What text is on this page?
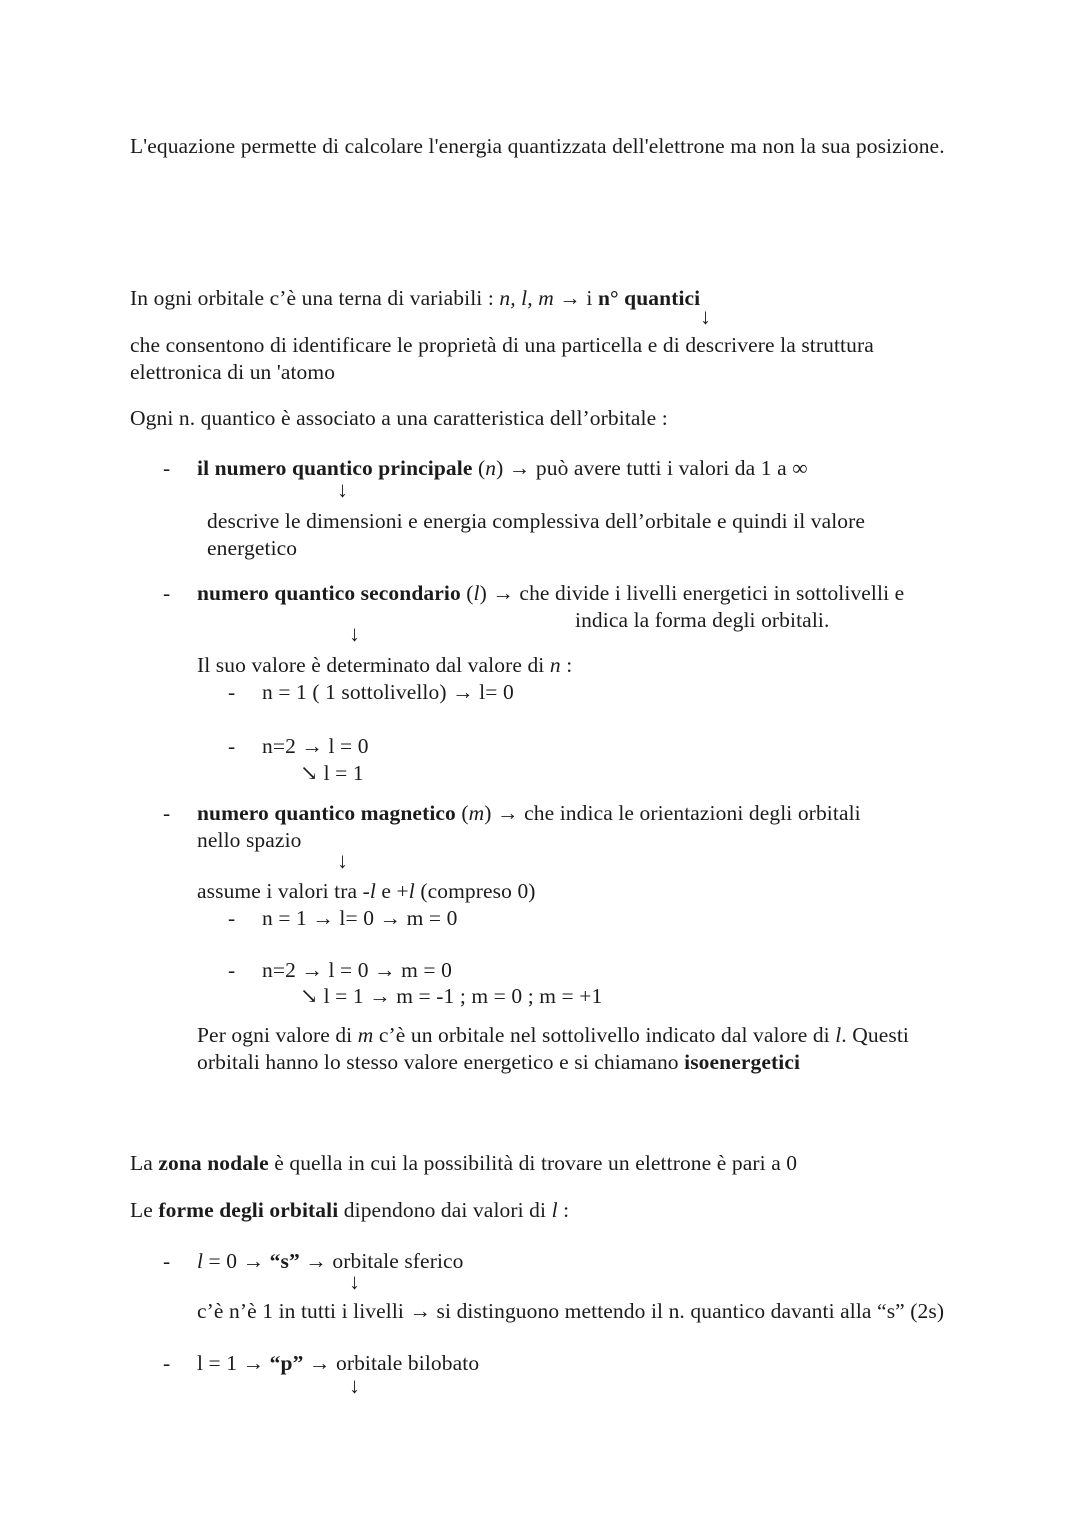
L'equazione permette di calcolare l'energia quantizzata dell'elettrone ma non la sua posizione.
In ogni orbitale c’è una terna di variabili : n, l, m → i n° quantici
↓
che consentono di identificare le proprietà di una particella e di descrivere la struttura elettronica di un 'atomo
Ogni n. quantico è associato a una caratteristica dell’orbitale :
-	il numero quantico principale (n) → può avere tutti i valori da 1 a ∞
↓
descrive le dimensioni e energia complessiva dell’orbitale e quindi il valore energetico
-	numero quantico secondario (l) → che divide i livelli energetici in sottolivelli e
indica la forma degli orbitali.
↓
Il suo valore è determinato dal valore di n :
-	n = 1 ( 1 sottolivello) → l= 0
-	n=2 → l = 0
↘ l = 1
-	numero quantico magnetico (m) → che indica le orientazioni degli orbitali
nello spazio
↓
assume i valori tra -l e +l (compreso 0)
-	n = 1 → l= 0 → m = 0
-	n=2 → l = 0 → m = 0
↘ l = 1 → m = -1 ; m = 0 ; m = +1
Per ogni valore di m c’è un orbitale nel sottolivello indicato dal valore di l. Questi orbitali hanno lo stesso valore energetico e si chiamano isoenergetici
La zona nodale è quella in cui la possibilità di trovare un elettrone è pari a 0
Le forme degli orbitali dipendono dai valori di l :
-	l = 0 → “s” → orbitale sferico
↓
c’è n’è 1 in tutti i livelli → si distinguono mettendo il n. quantico davanti alla “s” (2s)
-	l = 1 → “p” → orbitale bilobato
↓
